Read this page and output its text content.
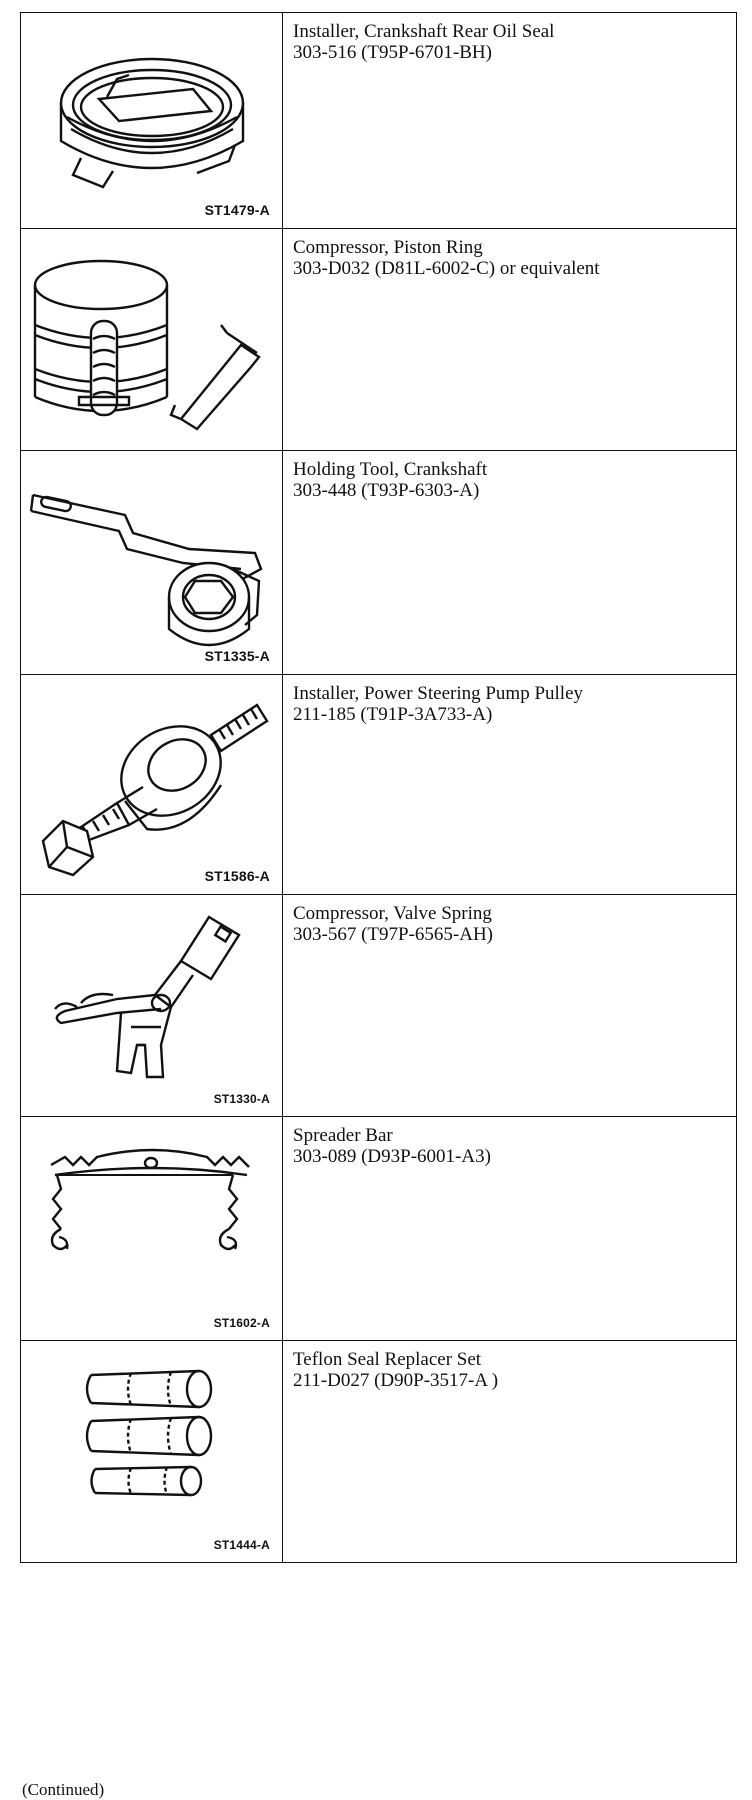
ST1479-A	Installer, Crankshaft Rear Oil Seal
303-516 (T95P-6701-BH)

Compressor, Piston Ring
303-D032 (D81L-6002-C) or equivalent

ST1335-A	Holding Tool, Crankshaft
303-448 (T93P-6303-A)

ST1586-A	Installer, Power Steering Pump Pulley
211-185 (T91P-3A733-A)

ST1330-A	Compressor, Valve Spring
303-567 (T97P-6565-AH)

ST1602-A	Spreader Bar
303-089 (D93P-6001-A3)

ST1444-A	Teflon Seal Replacer Set
211-D027 (D90P-3517-A )
(Continued)
